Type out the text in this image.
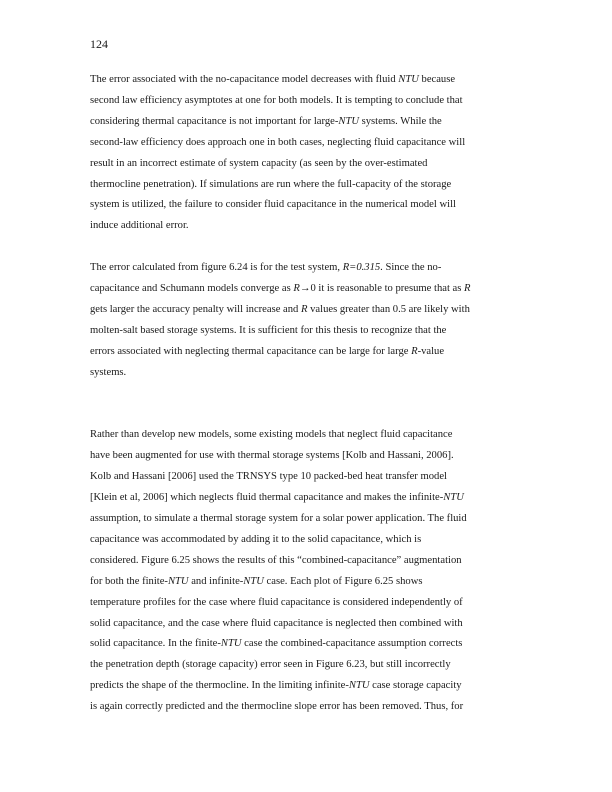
124
The error associated with the no-capacitance model decreases with fluid NTU because
second law efficiency asymptotes at one for both models. It is tempting to conclude that
considering thermal capacitance is not important for large-NTU systems. While the
second-law efficiency does approach one in both cases, neglecting fluid capacitance will
result in an incorrect estimate of system capacity (as seen by the over-estimated
thermocline penetration). If simulations are run where the full-capacity of the storage
system is utilized, the failure to consider fluid capacitance in the numerical model will
induce additional error.
The error calculated from figure 6.24 is for the test system, R=0.315. Since the no-
capacitance and Schumann models converge as R→0 it is reasonable to presume that as R
gets larger the accuracy penalty will increase and R values greater than 0.5 are likely with
molten-salt based storage systems. It is sufficient for this thesis to recognize that the
errors associated with neglecting thermal capacitance can be large for large R-value
systems.
Rather than develop new models, some existing models that neglect fluid capacitance
have been augmented for use with thermal storage systems [Kolb and Hassani, 2006].
Kolb and Hassani [2006] used the TRNSYS type 10 packed-bed heat transfer model
[Klein et al, 2006] which neglects fluid thermal capacitance and makes the infinite-NTU
assumption, to simulate a thermal storage system for a solar power application. The fluid
capacitance was accommodated by adding it to the solid capacitance, which is
considered. Figure 6.25 shows the results of this “combined-capacitance” augmentation
for both the finite-NTU and infinite-NTU case. Each plot of Figure 6.25 shows
temperature profiles for the case where fluid capacitance is considered independently of
solid capacitance, and the case where fluid capacitance is neglected then combined with
solid capacitance. In the finite-NTU case the combined-capacitance assumption corrects
the penetration depth (storage capacity) error seen in Figure 6.23, but still incorrectly
predicts the shape of the thermocline. In the limiting infinite-NTU case storage capacity
is again correctly predicted and the thermocline slope error has been removed. Thus, for
